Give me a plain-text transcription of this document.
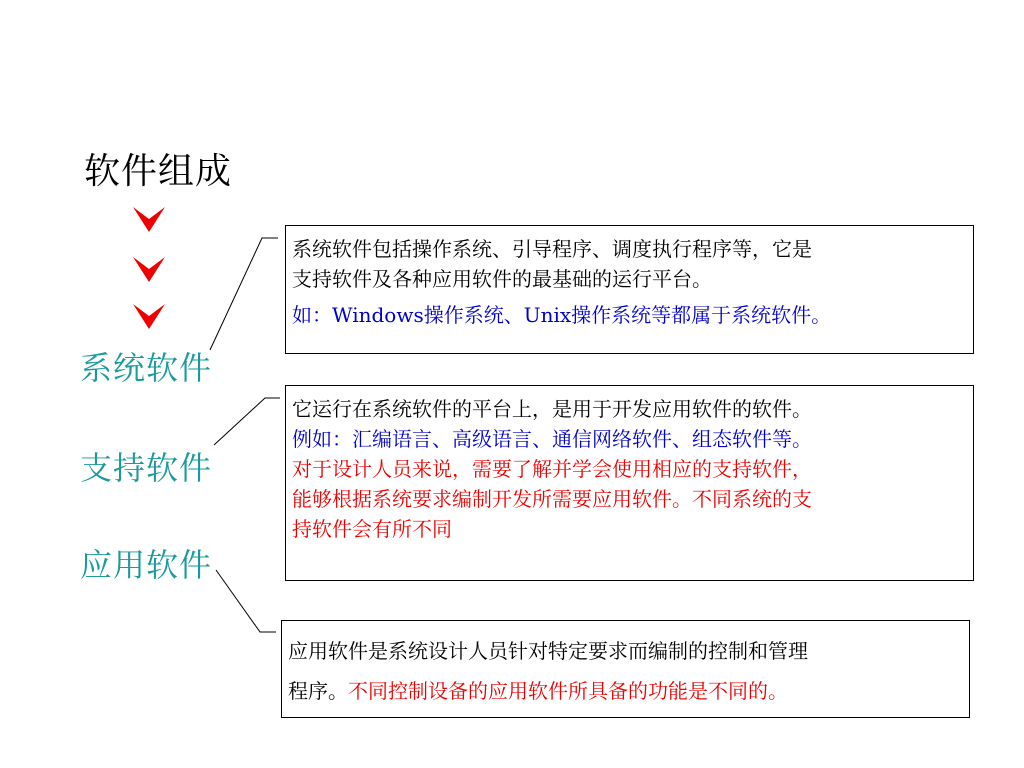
软件组成
系统软件
支持软件
应用软件
系统软件包括操作系统、引导程序、调度执行程序等，它是
支持软件及各种应用软件的最基础的运行平台。
如：Windows操作系统、Unix操作系统等都属于系统软件。
它运行在系统软件的平台上，是用于开发应用软件的软件。
例如：汇编语言、高级语言、通信网络软件、组态软件等。
对于设计人员来说，需要了解并学会使用相应的支持软件，
能够根据系统要求编制开发所需要应用软件。不同系统的支
持软件会有所不同
应用软件是系统设计人员针对特定要求而编制的控制和管理
程序。不同控制设备的应用软件所具备的功能是不同的。
